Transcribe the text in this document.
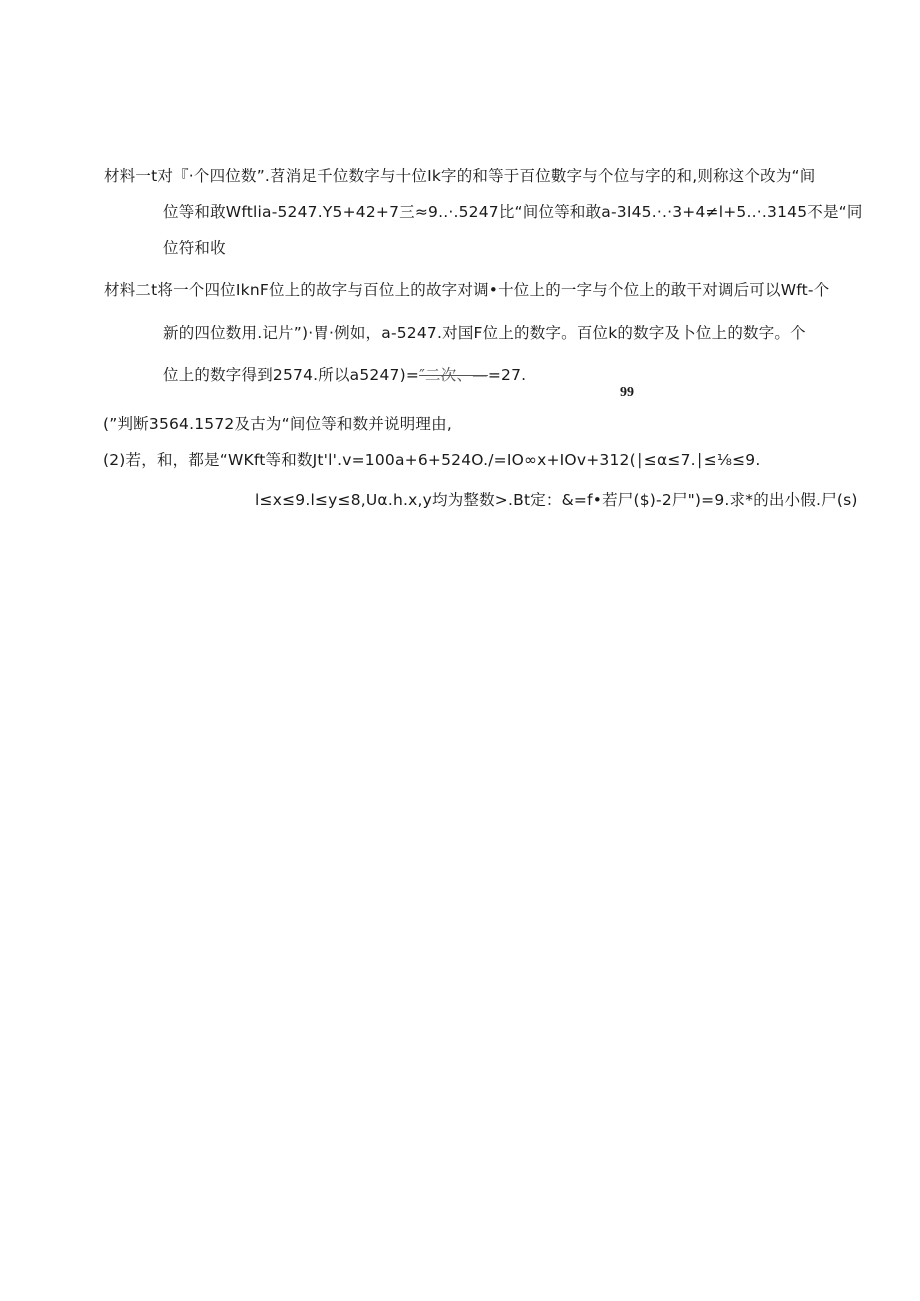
材料一t对『·个四位数”.苕消足千位数字与十位Ik字的和等于百位數字与个位与字的和,则称这个改为“间
位等和敢Wftlia-5247.Y5+42+7三≈9..·.5247比“间位等和敢a-3I45.·.·3+4≠l+5..·.3145不是“同
位符和收
材料二t将一个四位IknF位上的故字与百位上的故字对调•十位上的一字与个位上的敢干对调后可以Wft-个
新的四位数用.记片”)·胃·例如，a-5247.对国F位上的数字。百位k的数字及卜位上的数字。个
位上的数字得到2574.所以a5247)=″二次、—=27.
99
(”判断3564.1572及古为“间位等和数并说明理由,
(2)若，和，都是“WKft等和数Jt'l'.v=100a+6+524O./=IO∞x+IOv+312(∣≤α≤7.∣≤⅛≤9.
l≤x≤9.l≤y≤8,Uα.h.x,y均为整数>.Bt定：&=f•若尸($)-2尸")=9.求*的出小假.尸(s)
